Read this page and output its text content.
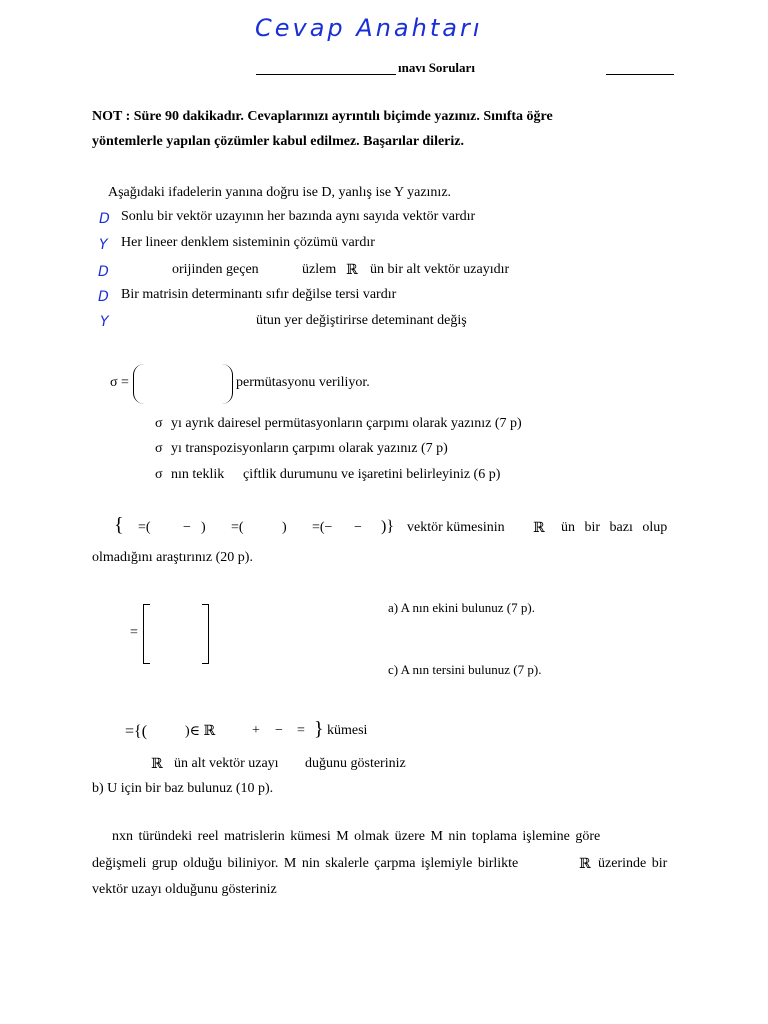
Cevap Anahtarı
ınavı Soruları
NOT : Süre 90 dakikadır. Cevaplarınızı ayrıntılı biçimde yazınız. Sınıfta öğre
yöntemlerle yapılan çözümler kabul edilmez. Başarılar dileriz.
Aşağıdaki ifadelerin yanına doğru ise D, yanlış ise Y yazınız.
D Sonlu bir vektör uzayının her bazında aynı sayıda vektör vardır
Y Her lineer denklem sisteminin çözümü vardır
D	orijinden geçen	üzlem ℝ ün bir alt vektör uzayıdır
D Bir matrisin determinantı sıfır değilse tersi vardır
Y	ütun yer değiştirirse deteminant değiş
σ =	permütasyonu veriliyor.
σ yı ayrık dairesel permütasyonların çarpımı olarak yazınız (7 p)
σ yı transpozisyonların çarpımı olarak yazınız (7 p)
σ nın teklik çiftlik durumunu ve işaretini belirleyiniz (6 p)
{ =( − ) =(	) =(− − )} vektör kümesinin ℝ ün bir bazı olup
olmadığını araştırınız (20 p).
=
a) A nın ekini bulunuz (7 p).
c) A nın tersini bulunuz (7 p).
={(	)∈ ℝ	+ − = } kümesi
ℝ ün alt vektör uzayı duğunu gösteriniz
b) U için bir baz bulunuz (10 p).
nxn türündeki reel matrislerin kümesi M olmak üzere M nin toplama işlemine göre
değişmeli grup olduğu biliniyor. M nin skalerle çarpma işlemiyle birlikte	ℝ üzerinde bir
vektör uzayı olduğunu gösteriniz
